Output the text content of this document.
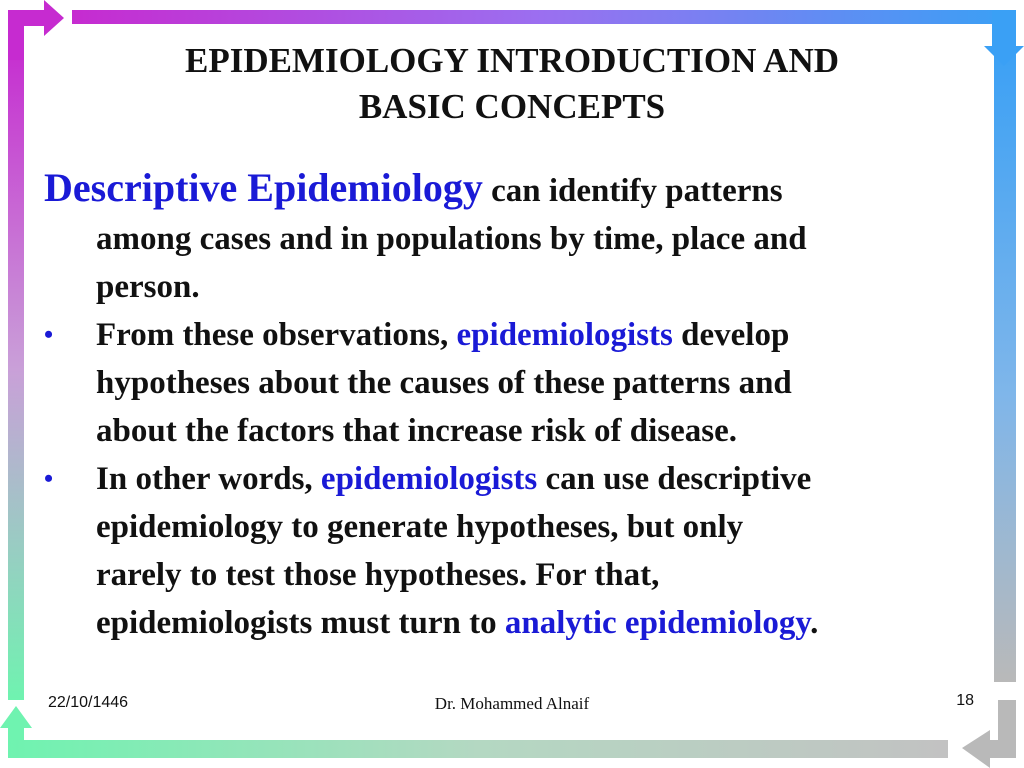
EPIDEMIOLOGY INTRODUCTION AND
BASIC CONCEPTS

Descriptive Epidemiology can identify patterns
among cases and in populations by time, place and
person.

• From these observations, epidemiologists develop
hypotheses about the causes of these patterns and
about the factors that increase risk of disease.

• In other words, epidemiologists can use descriptive
epidemiology to generate hypotheses, but only
rarely to test those hypotheses. For that,
epidemiologists must turn to analytic epidemiology.

22/10/1446	Dr. Mohammed Alnaif	18
